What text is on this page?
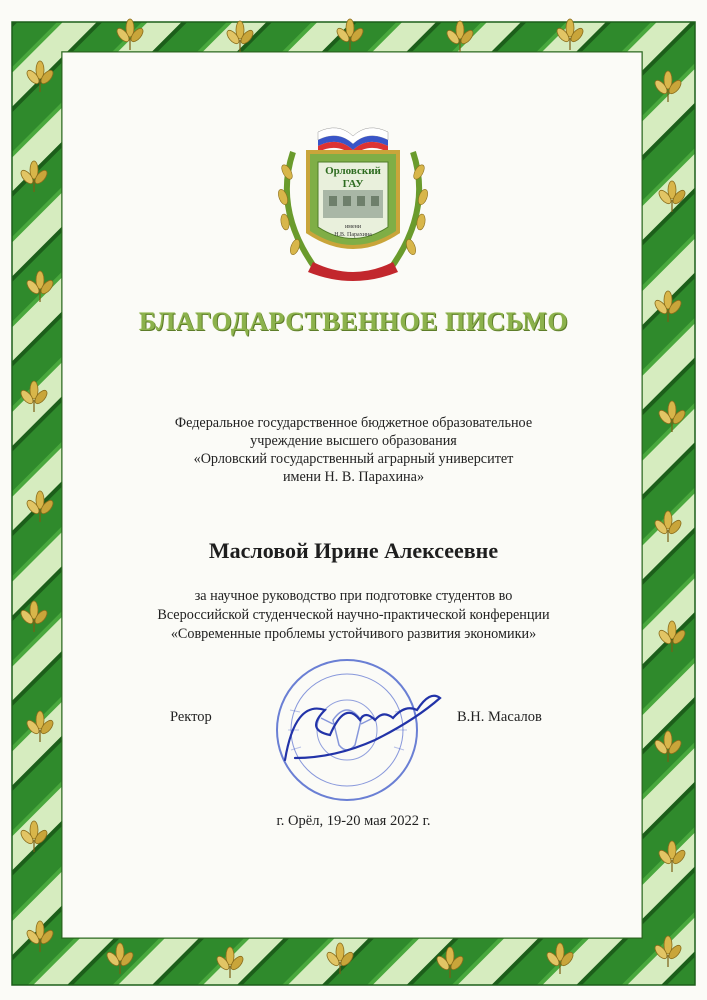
Орловский
ГАУ
имени
Н.В. Парахина
БЛАГОДАРСТВЕННОЕ ПИСЬМО
Федеральное государственное бюджетное образовательное
учреждение высшего образования
«Орловский государственный аграрный университет
имени Н. В. Парахина»
Масловой Ирине Алексеевне
за научное руководство при подготовке студентов во
Всероссийской студенческой научно-практической конференции
«Современные проблемы устойчивого развития экономики»
Ректор	В.Н. Масалов
г. Орёл, 19-20 мая 2022 г.
